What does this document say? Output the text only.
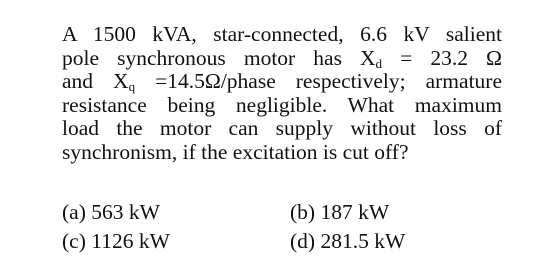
A 1500 kVA, star-connected, 6.6 kV salient
pole synchronous motor has $X_d = 23.2$ Ω
and $X_q$ =14.5Ω/phase respectively; armature
resistance being negligible. What maximum
load the motor can supply without loss of
synchronism, if the excitation is cut off?
(a) 563 kW	(b) 187 kW
(c) 1126 kW	(d) 281.5 kW
